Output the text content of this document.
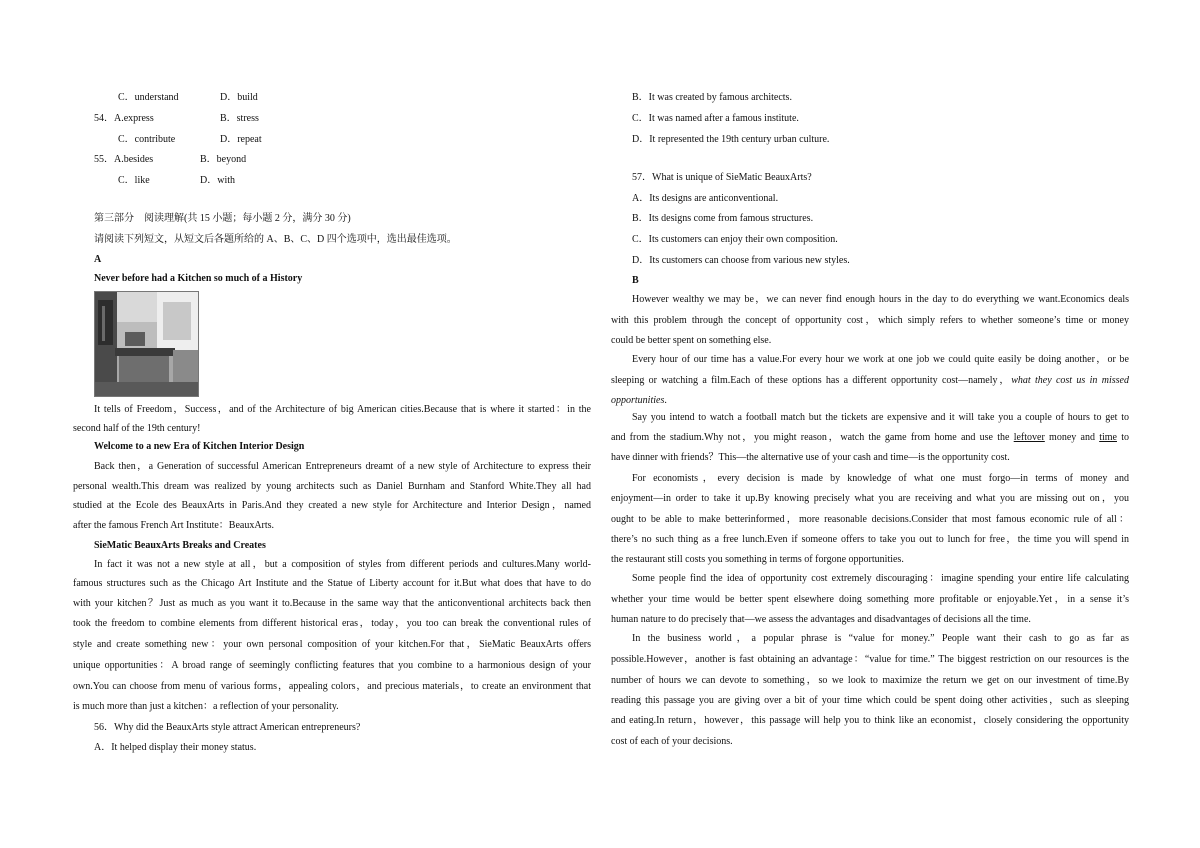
C．understand	D．build
54．A.express	B．stress
C．contribute	D．repeat
55．A.besides	B．beyond
C．like	D．with
第三部分　阅读理解(共 15 小题；每小题 2 分，满分 30 分)
请阅读下列短文，从短文后各题所给的 A、B、C、D 四个选项中，选出最佳选项。
A
Never before had a Kitchen so much of a History
It tells of Freedom，Success，and of the Architecture of big American cities.Because that is where it started：in the
second half of the 19th century!
Welcome to a new Era of Kitchen Interior Design
Back then，a Generation of successful American Entrepreneurs dreamt of a new style of Architecture to express their
personal wealth.This dream was realized by young architects such as Daniel Burnham and Stanford White.They all had
studied at the Ecole des BeauxArts in Paris.And they created a new style for Architecture and Interior Design，named
after the famous French Art Institute：BeauxArts.
SieMatic BeauxArts Breaks and Creates
In fact it was not a new style at all，but a composition of styles from different periods and cultures.Many world-
famous structures such as the Chicago Art Institute and the Statue of Liberty account for it.But what does that have to do
with your kitchen？Just as much as you want it to.Because in the same way that the anticonventional architects back then
took the freedom to combine elements from different historical eras，today，you too can break the conventional rules of
style and create something new：your own personal composition of your kitchen.For that，SieMatic BeauxArts offers
unique opportunities：A broad range of seemingly conflicting features that you combine to a harmonious design of your
own.You can choose from menu of various forms，appealing colors，and precious materials，to create an environment that
is much more than just a kitchen：a reflection of your personality.
56．Why did the BeauxArts style attract American entrepreneurs?
A．It helped display their money status.
B．It was created by famous architects.
C．It was named after a famous institute.
D．It represented the 19th century urban culture.
57．What is unique of SieMatic BeauxArts?
A．Its designs are anticonventional.
B．Its designs come from famous structures.
C．Its customers can enjoy their own composition.
D．Its customers can choose from various new styles.
B
However wealthy we may be，we can never find enough hours in the day to do everything we want.Economics deals
with this problem through the concept of opportunity cost，which simply refers to whether someone’s time or money
could be better spent on something else.
Every hour of our time has a value.For every hour we work at one job we could quite easily be doing another，or be
sleeping or watching a film.Each of these options has a different opportunity cost—namely，what they cost us in missed
opportunities.
Say you intend to watch a football match but the tickets are expensive and it will take you a couple of hours to get to
and from the stadium.Why not，you might reason，watch the game from home and use the leftover money and time to
have dinner with friends？This—the alternative use of your cash and time—is the opportunity cost.
For economists，every decision is made by knowledge of what one must forgo—in terms of money and
enjoyment—in order to take it up.By knowing precisely what you are receiving and what you are missing out on，you
ought to be able to make betterinformed，more reasonable decisions.Consider that most famous economic rule of all：
there’s no such thing as a free lunch.Even if someone offers to take you out to lunch for free，the time you will spend in
the restaurant still costs you something in terms of forgone opportunities.
Some people find the idea of opportunity cost extremely discouraging：imagine spending your entire life calculating
whether your time would be better spent elsewhere doing something more profitable or enjoyable.Yet，in a sense it’s
human nature to do precisely that—we assess the advantages and disadvantages of decisions all the time.
In the business world，a popular phrase is “value for money.” People want their cash to go as far as
possible.However，another is fast obtaining an advantage：“value for time.” The biggest restriction on our resources is the
number of hours we can devote to something，so we look to maximize the return we get on our investment of time.By
reading this passage you are giving over a bit of your time which could be spent doing other activities，such as sleeping
and eating.In return，however，this passage will help you to think like an economist，closely considering the opportunity
cost of each of your decisions.
